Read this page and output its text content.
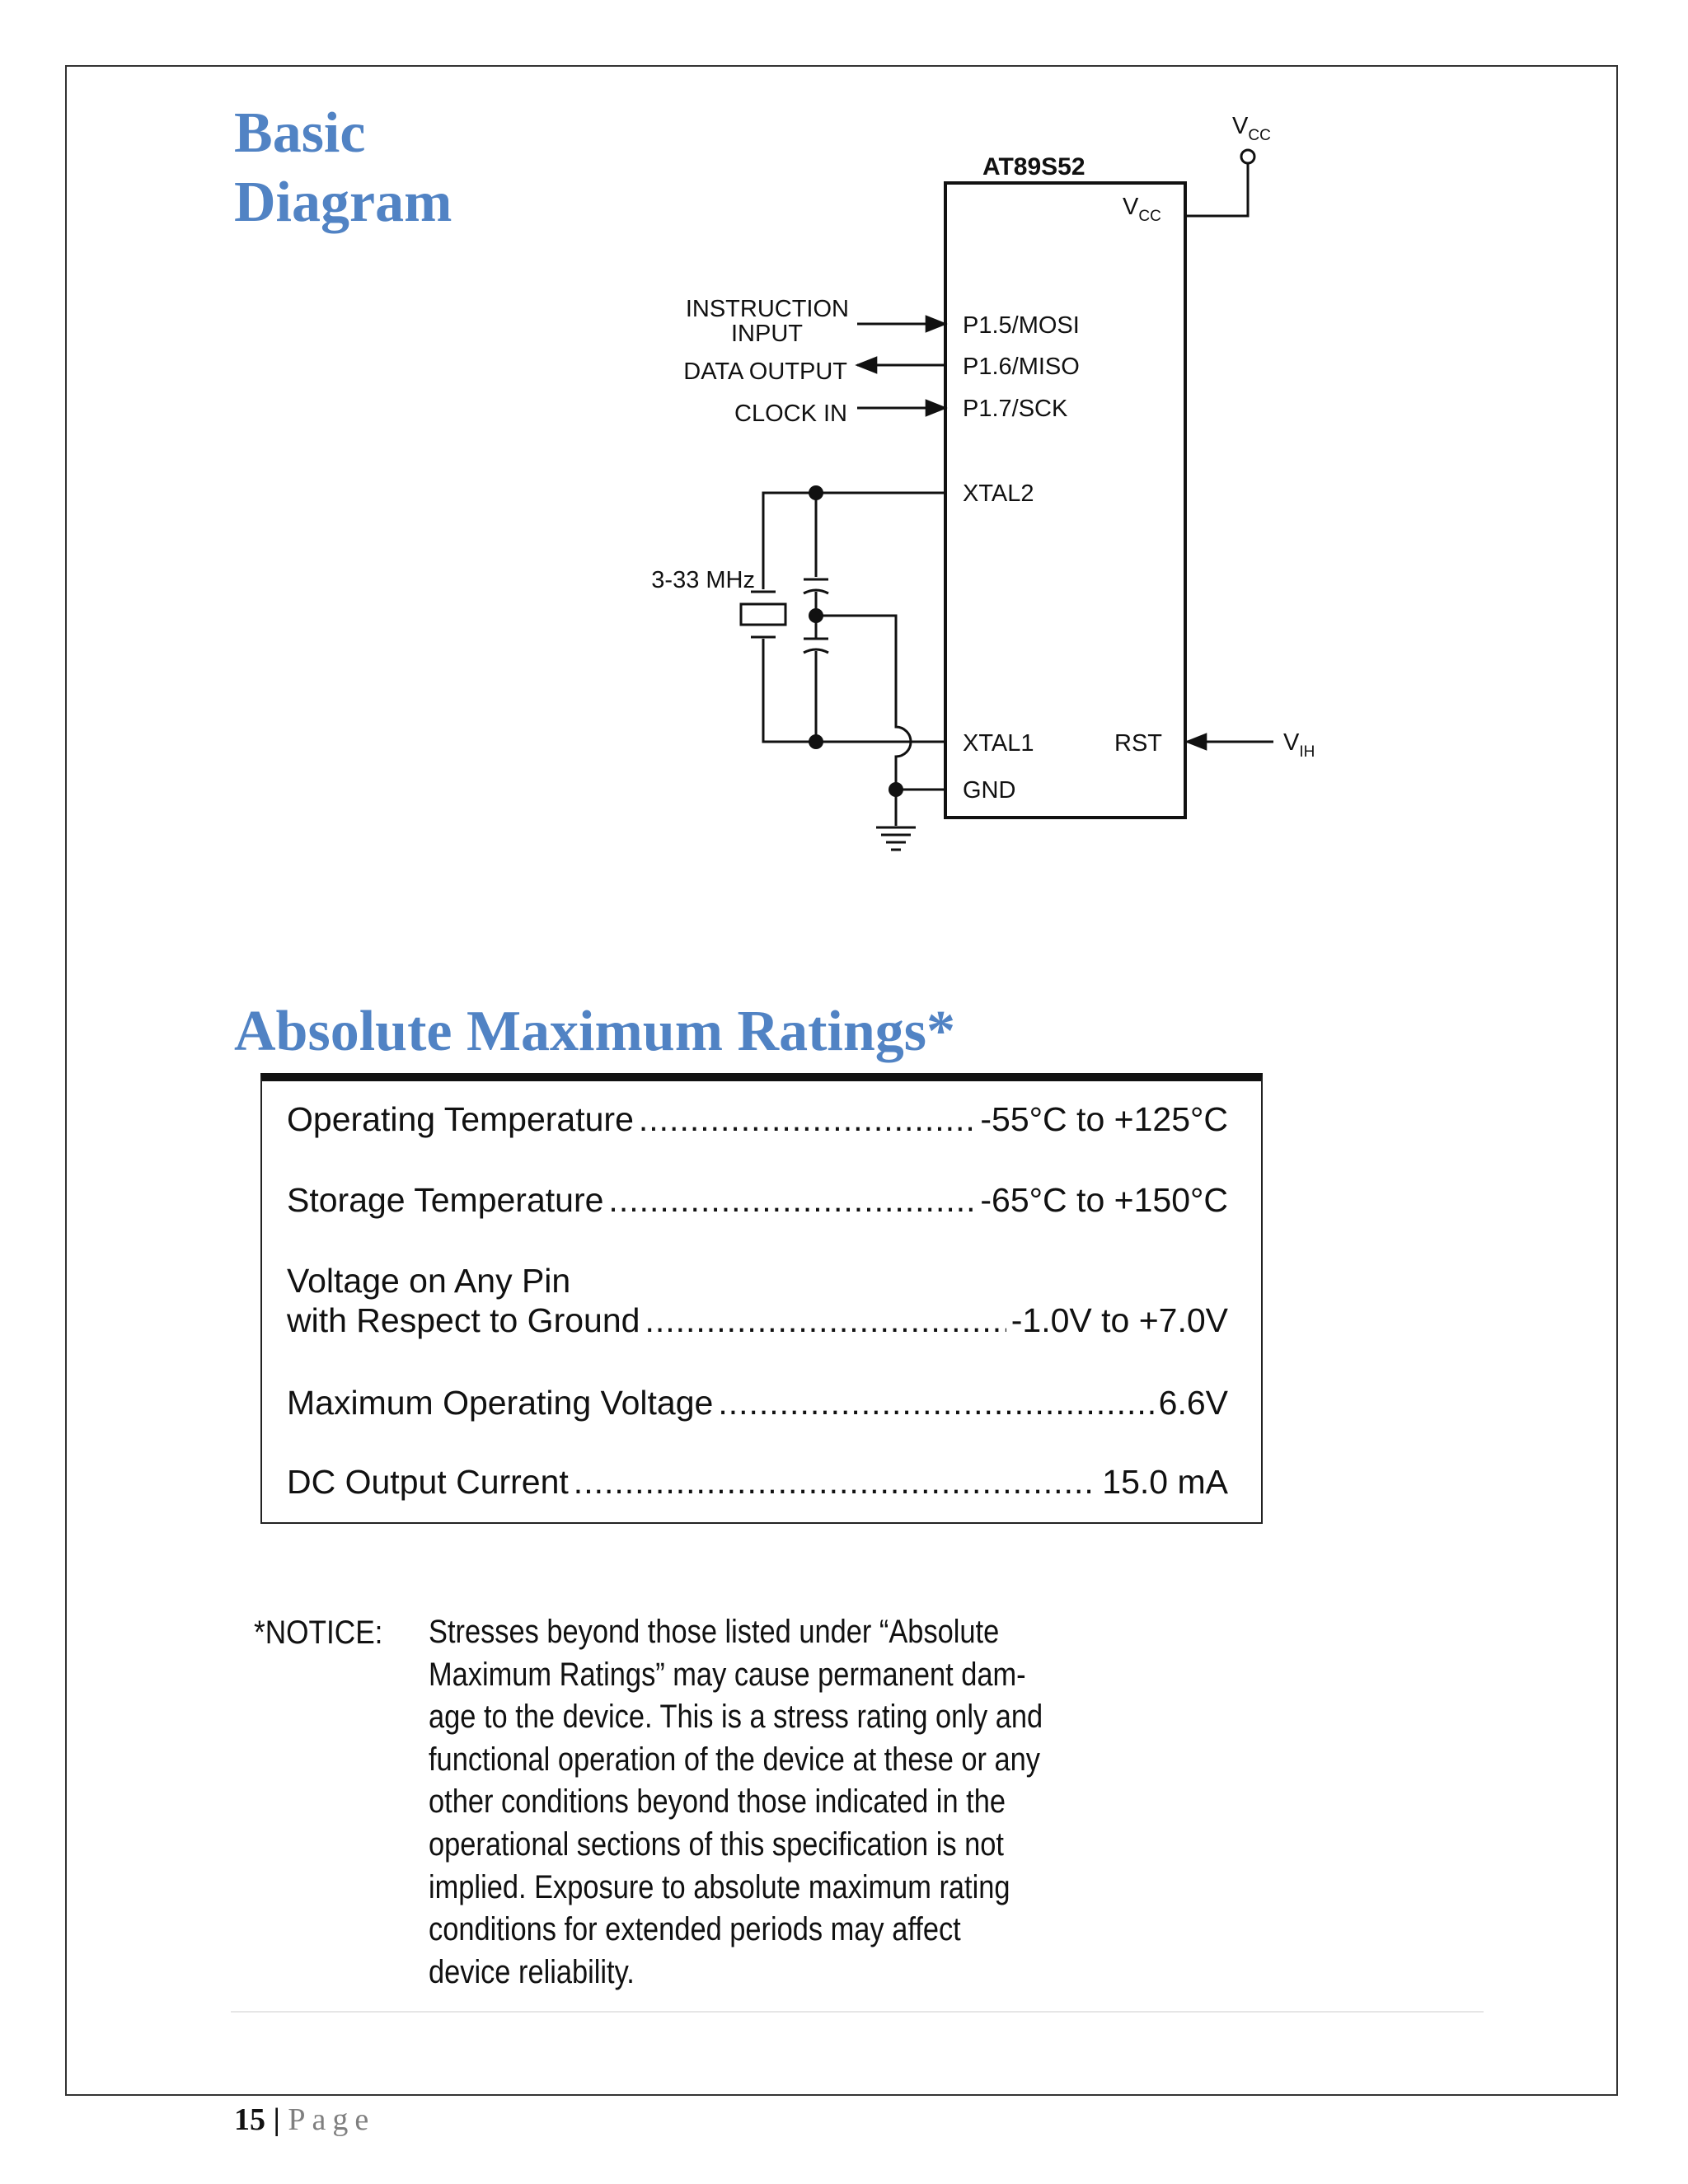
Basic
Diagram
AT89S52
$V_{CC}$
$V_{CC}$
P1.5/MOSI
P1.6/MISO
P1.7/SCK
XTAL2
XTAL1	RST
GND
INSTRUCTION
INPUT
DATA OUTPUT
CLOCK IN
3-33 MHz
$V_{IH}$
Absolute Maximum Ratings*
Operating Temperature .....	-55°C to +125°C
Storage Temperature .....	-65°C to +150°C
Voltage on Any Pin
with Respect to Ground .....	-1.0V to +7.0V
Maximum Operating Voltage .....	6.6V
DC Output Current .....	15.0 mA
*NOTICE: Stresses beyond those listed under “Absolute
Maximum Ratings” may cause permanent dam-
age to the device. This is a stress rating only and
functional operation of the device at these or any
other conditions beyond those indicated in the
operational sections of this specification is not
implied. Exposure to absolute maximum rating
conditions for extended periods may affect
device reliability.
15 | Page
